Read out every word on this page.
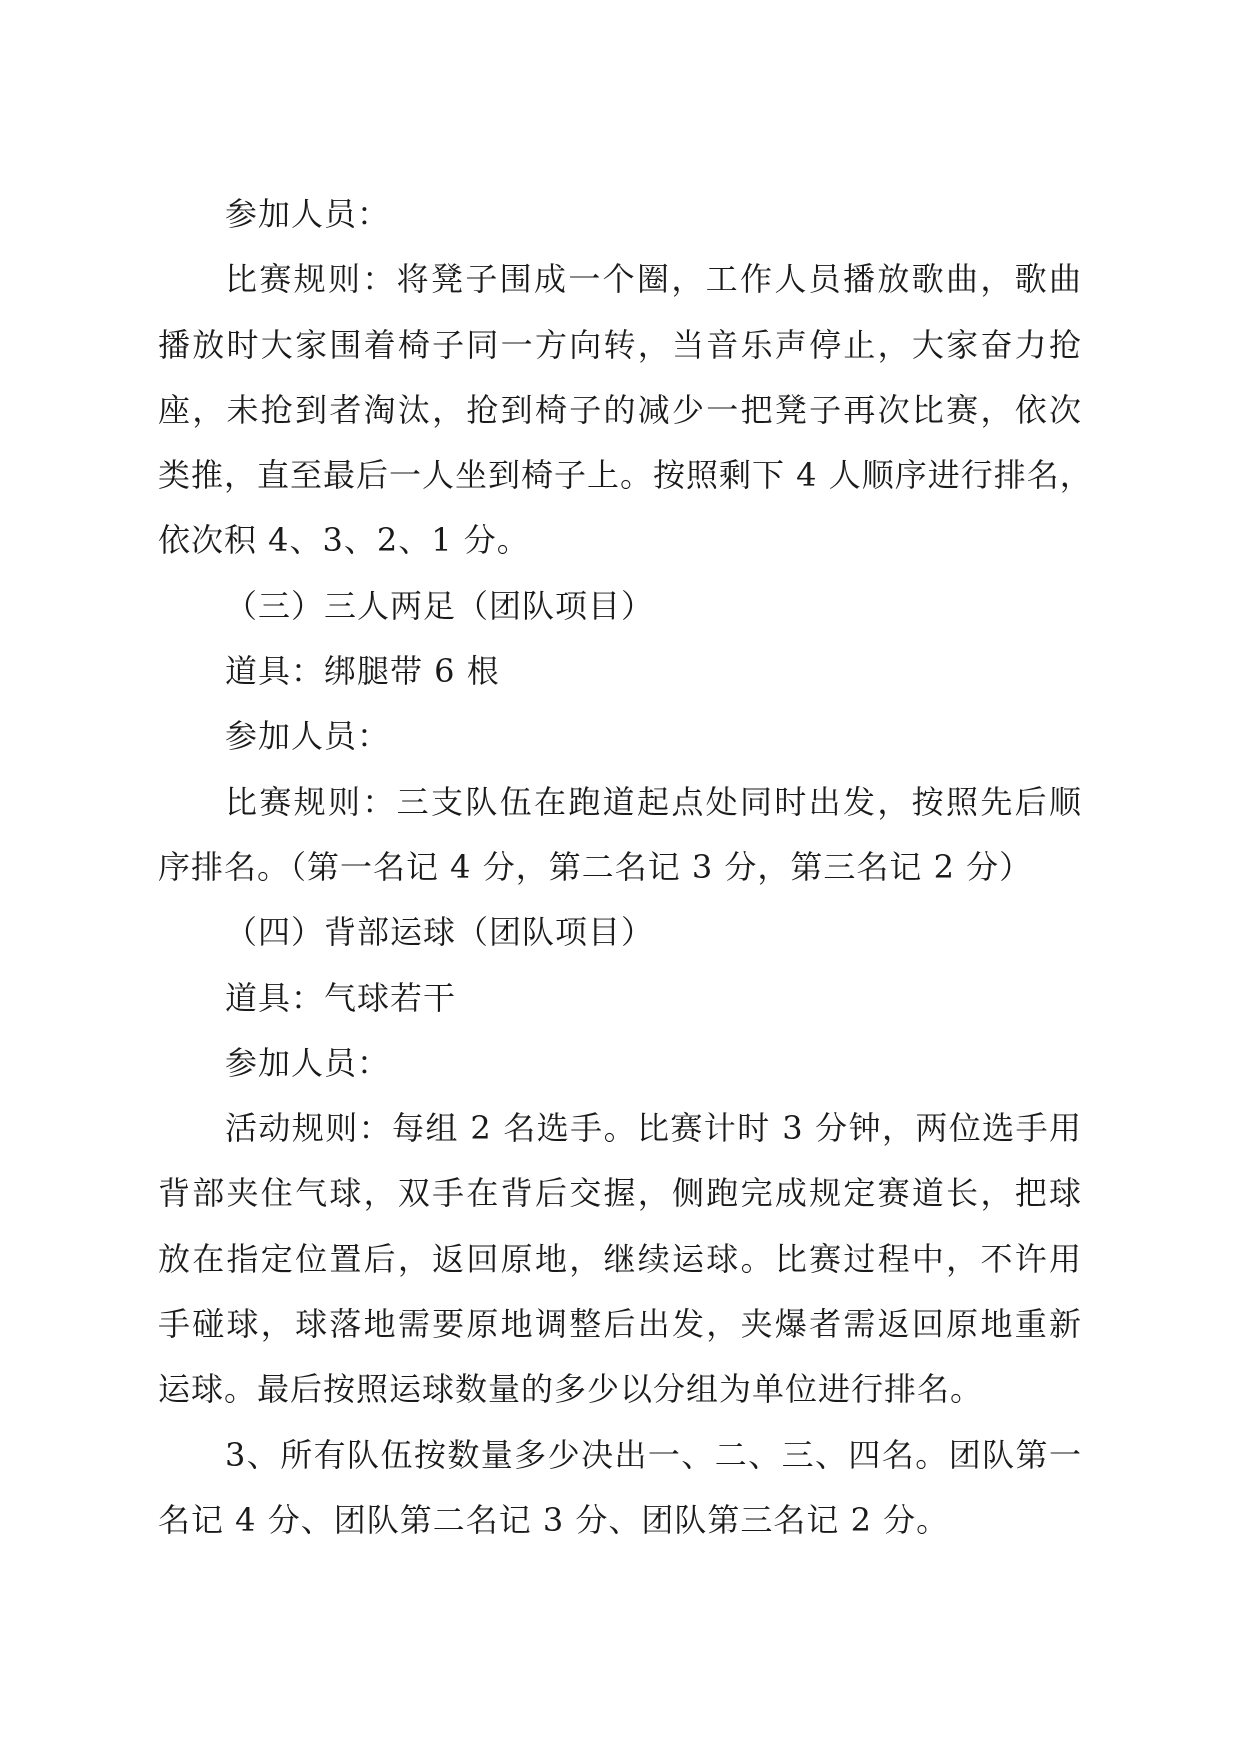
参加人员：

比赛规则：将凳子围成一个圈，工作人员播放歌曲，歌曲
播放时大家围着椅子同一方向转，当音乐声停止，大家奋力抢
座，未抢到者淘汰，抢到椅子的减少一把凳子再次比赛，依次
类推，直至最后一人坐到椅子上。按照剩下 4 人顺序进行排名，
依次积 4、3、2、1 分。

（三）三人两足（团队项目）

道具：绑腿带 6 根

参加人员：

比赛规则：三支队伍在跑道起点处同时出发，按照先后顺
序排名。（第一名记 4 分，第二名记 3 分，第三名记 2 分）

（四）背部运球（团队项目）

道具：气球若干

参加人员：

活动规则：每组 2 名选手。比赛计时 3 分钟，两位选手用
背部夹住气球，双手在背后交握，侧跑完成规定赛道长，把球
放在指定位置后，返回原地，继续运球。比赛过程中，不许用
手碰球，球落地需要原地调整后出发，夹爆者需返回原地重新
运球。最后按照运球数量的多少以分组为单位进行排名。

3、所有队伍按数量多少决出一、二、三、四名。团队第一
名记 4 分、团队第二名记 3 分、团队第三名记 2 分。
